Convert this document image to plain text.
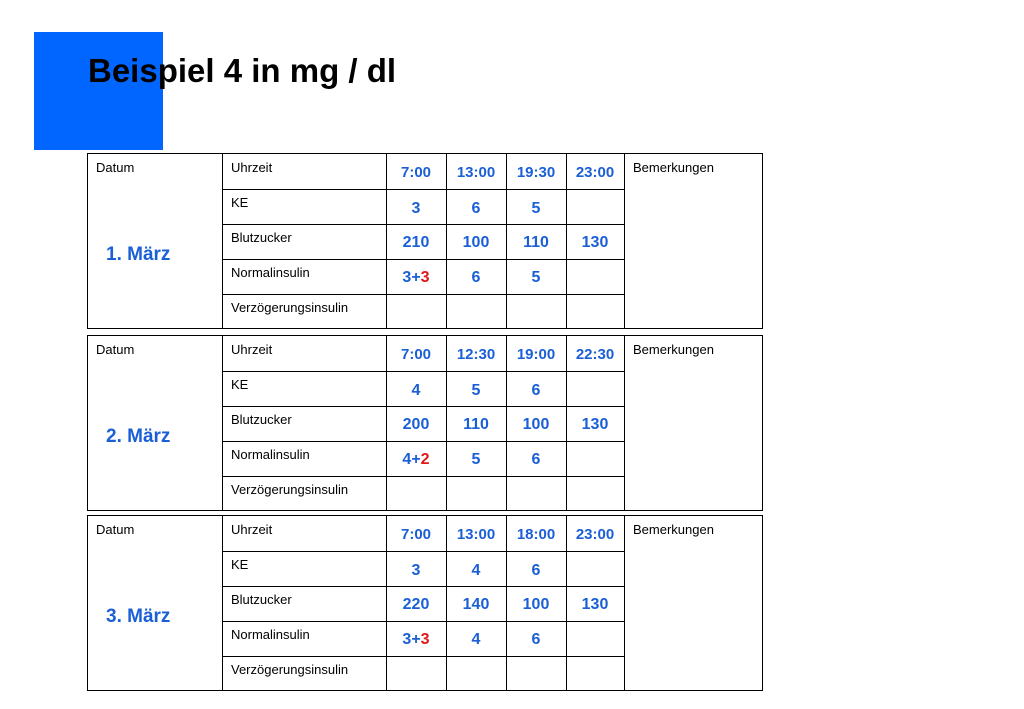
Beispiel 4 in mg / dl
Datum
1. März
Uhrzeit
KE
Blutzucker
Normalinsulin
Verzögerungsinsulin
Bemerkungen
7:00
3
210
3+3
13:00
6
100
6
19:30
5
110
5
23:00
130
Datum
2. März
Uhrzeit
KE
Blutzucker
Normalinsulin
Verzögerungsinsulin
Bemerkungen
7:00
4
200
4+2
12:30
5
110
5
19:00
6
100
6
22:30
130
Datum
3. März
Uhrzeit
KE
Blutzucker
Normalinsulin
Verzögerungsinsulin
Bemerkungen
7:00
3
220
3+3
13:00
4
140
4
18:00
6
100
6
23:00
130
